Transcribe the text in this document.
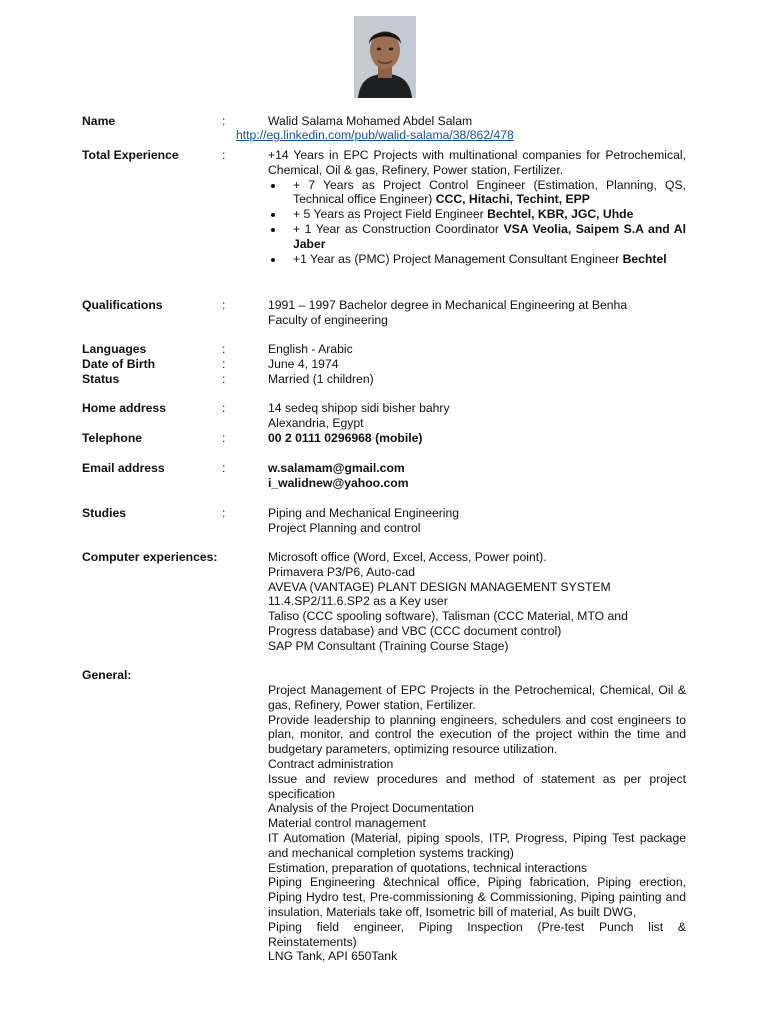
Name	:	Walid Salama Mohamed Abdel Salam
http://eg.linkedin.com/pub/walid-salama/38/862/478
Total Experience	:	+14 Years in EPC Projects with multinational companies for Petrochemical, Chemical, Oil & gas, Refinery, Power station, Fertilizer.
+ 7 Years as Project Control Engineer (Estimation, Planning, QS, Technical office Engineer) CCC, Hitachi, Techint, EPP
+ 5 Years as Project Field Engineer Bechtel, KBR, JGC, Uhde
+ 1 Year as Construction Coordinator VSA Veolia, Saipem S.A and Al Jaber
+1 Year as (PMC) Project Management Consultant Engineer Bechtel
Qualifications	:	1991 – 1997 Bachelor degree in Mechanical Engineering at Benha
Faculty of engineering
Languages	:	English - Arabic
Date of Birth	:	June 4, 1974
Status	:	Married (1 children)
Home address	:	14 sedeq shipop sidi bisher bahry
Alexandria, Egypt
Telephone	:	00 2 0111 0296968 (mobile)
Email address	:	w.salamam@gmail.com
i_walidnew@yahoo.com
Studies	:	Piping and Mechanical Engineering
Project Planning and control
Computer experiences:	Microsoft office (Word, Excel, Access, Power point).
Primavera P3/P6, Auto-cad
AVEVA (VANTAGE) PLANT DESIGN MANAGEMENT SYSTEM
11.4.SP2/11.6.SP2 as a Key user
Taliso (CCC spooling software), Talisman (CCC Material, MTO and
Progress database) and VBC (CCC document control)
SAP PM Consultant (Training Course Stage)
General:
Project Management of EPC Projects in the Petrochemical, Chemical, Oil & gas, Refinery, Power station, Fertilizer.
Provide leadership to planning engineers, schedulers and cost engineers to plan, monitor, and control the execution of the project within the time and budgetary parameters, optimizing resource utilization.
Contract administration
Issue and review procedures and method of statement as per project specification
Analysis of the Project Documentation
Material control management
IT Automation (Material, piping spools, ITP, Progress, Piping Test package and mechanical completion systems tracking)
Estimation, preparation of quotations, technical interactions
Piping Engineering &technical office, Piping fabrication, Piping erection, Piping Hydro test, Pre-commissioning & Commissioning, Piping painting and insulation, Materials take off, Isometric bill of material, As built DWG,
Piping field engineer, Piping Inspection (Pre-test Punch list & Reinstatements)
LNG Tank, API 650Tank
